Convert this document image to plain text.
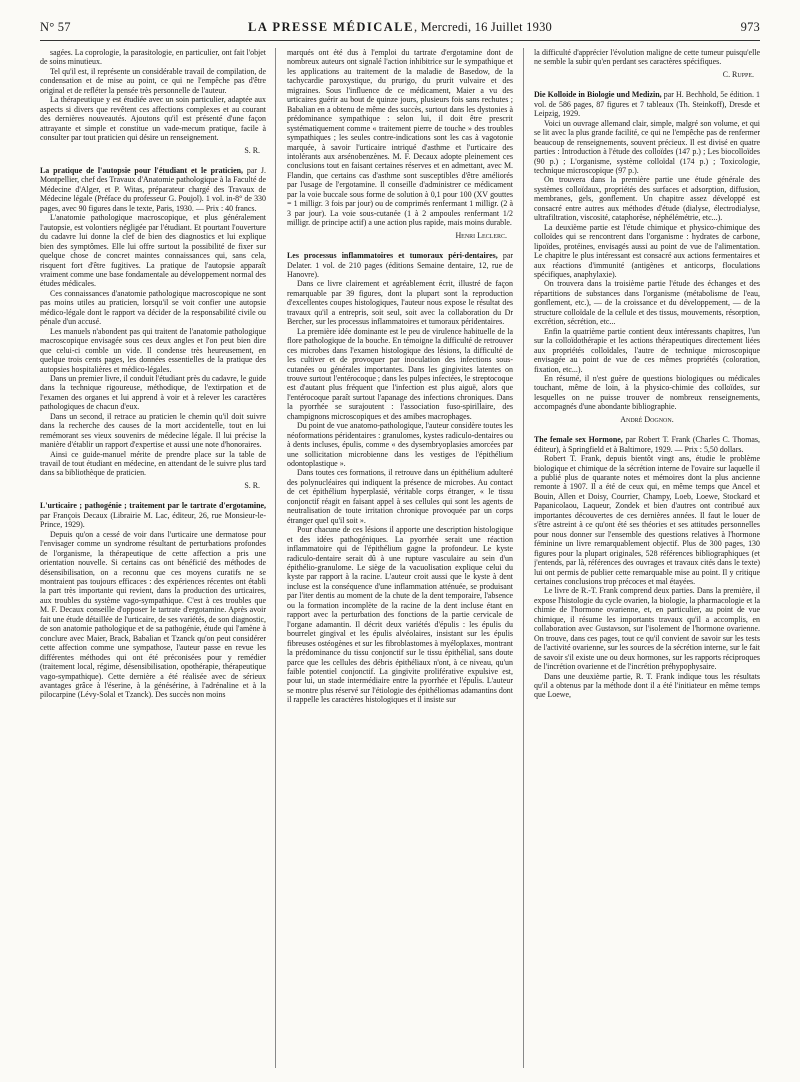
N° 57	LA PRESSE MÉDICALE, Mercredi, 16 Juillet 1930	973

sagées. La coprologie, la parasitologie, en particulier, ont fait l'objet de soins minutieux.

Tel qu'il est, il représente un considérable travail de compilation, de condensation et de mise au point, ce qui ne l'empêche pas d'être original et de refléter la pensée très personnelle de l'auteur.

La thérapeutique y est étudiée avec un soin particulier, adaptée aux aspects si divers que revêtent ces affections complexes et au courant des dernières nouveautés. Ajoutons qu'il est présenté d'une façon attrayante et simple et constitue un vade-mecum pratique, facile à consulter par tout praticien qui désire un renseignement.

S. R.

La pratique de l'autopsie pour l'étudiant et le praticien, par J. Montpellier, chef des Travaux d'Anatomie pathologique à la Faculté de Médecine d'Alger, et P. Witas, préparateur chargé des Travaux de Médecine légale (Préface du professeur G. Poujol). 1 vol. in-8° de 330 pages, avec 90 figures dans le texte, Paris, 1930. — Prix : 40 francs.

L'anatomie pathologique macroscopique, et plus généralement l'autopsie, est volontiers négligée par l'étudiant. Et pourtant l'ouverture du cadavre lui donne la clef de bien des diagnostics et lui explique bien des symptômes. Elle lui offre surtout la possibilité de fixer sur quelque chose de concret maintes connaissances qui, sans cela, risquent fort d'être fugitives. La pratique de l'autopsie apparaît vraiment comme une base fondamentale au développement normal des études médicales.

Ces connaissances d'anatomie pathologique macroscopique ne sont pas moins utiles au praticien, lorsqu'il se voit confier une autopsie médico-légale dont le rapport va décider de la responsabilité civile ou pénale d'un accusé.

Les manuels n'abondent pas qui traitent de l'anatomie pathologique macroscopique envisagée sous ces deux angles et l'on peut bien dire que celui-ci comble un vide. Il condense très heureusement, en quelque trois cents pages, les données essentielles de la pratique des autopsies hospitalières et médico-légales.

Dans un premier livre, il conduit l'étudiant près du cadavre, le guide dans la technique rigoureuse, méthodique, de l'extirpation et de l'examen des organes et lui apprend à voir et à relever les caractères pathologiques de chacun d'eux.

Dans un second, il retrace au praticien le chemin qu'il doit suivre dans la recherche des causes de la mort accidentelle, tout en lui remémorant ses vieux souvenirs de médecine légale. Il lui précise la manière d'établir un rapport d'expertise et aussi une note d'honoraires.

Ainsi ce guide-manuel mérite de prendre place sur la table de travail de tout étudiant en médecine, en attendant de le suivre plus tard dans sa bibliothèque de praticien.

S. R.

L'urticaire ; pathogénie ; traitement par le tartrate d'ergotamine, par François Decaux (Librairie M. Lac, éditeur, 26, rue Monsieur-le-Prince, 1929).

Depuis qu'on a cessé de voir dans l'urticaire une dermatose pour l'envisager comme un syndrome résultant de perturbations profondes de l'organisme, la thérapeutique de cette affection a pris une orientation nouvelle. Si certains cas ont bénéficié des méthodes de désensibilisation, on a reconnu que ces moyens curatifs ne se montraient pas toujours efficaces : des expériences récentes ont établi la part très importante qui revient, dans la production des urticaires, aux troubles du système vago-sympathique. C'est à ces troubles que M. F. Decaux conseille d'opposer le tartrate d'ergotamine. Après avoir fait une étude détaillée de l'urticaire, de ses variétés, de son diagnostic, de son anatomie pathologique et de sa pathogénie, étude qui l'amène à conclure avec Maier, Brack, Babalian et Tzanck qu'on peut considérer cette affection comme une sympathose, l'auteur passe en revue les différentes méthodes qui ont été préconisées pour y remédier (traitement local, régime, désensibilisation, opothérapie, thérapeutique vago-sympathique). Cette dernière a été réalisée avec de sérieux avantages grâce à l'éserine, à la génésérine, à l'adrénaline et à la pilocarpine (Lévy-Solal et Tzanck). Des succès non moins

marqués ont été dus à l'emploi du tartrate d'ergotamine dont de nombreux auteurs ont signalé l'action inhibitrice sur le sympathique et les applications au traitement de la maladie de Basedow, de la tachycardie paroxystique, du prurigo, du prurit vulvaire et des migraines. Sous l'influence de ce médicament, Maier a vu des urticaires guérir au bout de quinze jours, plusieurs fois sans rechutes ; Babalian en a obtenu de même des succès, surtout dans les dystonies à prédominance sympathique : selon lui, il doit être prescrit systématiquement comme « traitement pierre de touche » des troubles sympathiques ; les seules contre-indications sont les cas à vagotonie marquée, à savoir l'urticaire intriqué d'asthme et l'urticaire des intolérants aux arsénobenzènes. M. F. Decaux adopte pleinement ces conclusions tout en faisant certaines réserves et en admettant, avec M. Flandin, que certains cas d'asthme sont susceptibles d'être améliorés par l'usage de l'ergotamine. Il conseille d'administrer ce médicament par la voie buccale sous forme de solution à 0,1 pour 100 (XV gouttes = 1 milligr. 3 fois par jour) ou de comprimés renfermant 1 milligr. (2 à 3 par jour). La voie sous-cutanée (1 à 2 ampoules renfermant 1/2 milligr. de principe actif) a une action plus rapide, mais moins durable.

Henri Leclerc.

Les processus inflammatoires et tumoraux péri-dentaires, par Delater. 1 vol. de 210 pages (éditions Semaine dentaire, 12, rue de Hanovre).

Dans ce livre clairement et agréablement écrit, illustré de façon remarquable par 39 figures, dont la plupart sont la reproduction d'excellentes coupes histologiques, l'auteur nous expose le résultat des travaux qu'il a entrepris, soit seul, soit avec la collaboration du Dr Bercher, sur les processus inflammatoires et tumoraux péridentaires.

La première idée dominante est le peu de virulence habituelle de la flore pathologique de la bouche. En témoigne la difficulté de retrouver ces microbes dans l'examen histologique des lésions, la difficulté de les cultiver et de provoquer par inoculation des infections sous-cutanées ou générales importantes. Dans les gingivites latentes on trouve surtout l'entérocoque ; dans les pulpes infectées, le streptocoque est d'autant plus fréquent que l'infection est plus aiguë, alors que l'entérocoque paraît surtout l'apanage des infections chroniques. Dans la pyorrhée se surajoutent : l'association fuso-spirillaire, des champignons microscopiques et des amibes macrophages.

Du point de vue anatomo-pathologique, l'auteur considère toutes les néoformations péridentaires : granulomes, kystes radiculo-dentaires ou à dents incluses, épulis, comme « des dysembryoplasies amorcées par une sollicitation microbienne dans les vestiges de l'épithélium odontoplastique ».

Dans toutes ces formations, il retrouve dans un épithélium adulteré des polynucléaires qui indiquent la présence de microbes. Au contact de cet épithélium hyperplasié, véritable corps étranger, « le tissu conjonctif réagit en faisant appel à ses cellules qui sont les agents de neutralisation de toute irritation chronique provoquée par un corps étranger quel qu'il soit ».

Pour chacune de ces lésions il apporte une description histologique et des idées pathogéniques. La pyorrhée serait une réaction inflammatoire qui de l'épithélium gagne la profondeur. Le kyste radiculo-dentaire serait dû à une rupture vasculaire au sein d'un épithélio-granulome. Le siège de la vacuolisation explique celui du kyste par rapport à la racine. L'auteur croit aussi que le kyste à dent incluse est la conséquence d'une inflammation atténuée, se produisant par l'iter dentis au moment de la chute de la dent temporaire, l'absence ou la formation incomplète de la racine de la dent incluse étant en rapport avec la perturbation des fonctions de la partie cervicale de l'organe adamantin. Il décrit deux variétés d'épulis : les épulis du bourrelet gingival et les épulis alvéolaires, insistant sur les épulis fibreuses ostéogènes et sur les fibroblastomes à myéloplaxes, montrant la prédominance du tissu conjonctif sur le tissu épithélial, sans doute parce que les cellules des débris épithéliaux n'ont, à ce niveau, qu'un faible potentiel conjonctif. La gingivite proliférative expulsive est, pour lui, un stade intermédiaire entre la pyorrhée et l'épulis. L'auteur se montre plus réservé sur l'étiologie des épithéliomas adamantins dont il rappelle les caractères histologiques et il insiste sur

la difficulté d'apprécier l'évolution maligne de cette tumeur puisqu'elle ne semble la subir qu'en perdant ses caractères spécifiques.

C. Ruppe.

Die Kolloide in Biologie und Medizin, par H. Bechhold, 5e édition. 1 vol. de 586 pages, 87 figures et 7 tableaux (Th. Steinkoff), Dresde et Leipzig, 1929.

Voici un ouvrage allemand clair, simple, malgré son volume, et qui se lit avec la plus grande facilité, ce qui ne l'empêche pas de renfermer beaucoup de renseignements, souvent précieux. Il est divisé en quatre parties : Introduction à l'étude des colloïdes (147 p.) ; Les biocolloïdes (90 p.) ; L'organisme, système colloïdal (174 p.) ; Toxicologie, technique microscopique (97 p.).

On trouvera dans la première partie une étude générale des systèmes colloïdaux, propriétés des surfaces et adsorption, diffusion, membranes, gels, gonflement. Un chapitre assez développé est consacré entre autres aux méthodes d'étude (dialyse, électrodialyse, ultrafiltration, viscosité, cataphorèse, néphélémétrie, etc...).

La deuxième partie est l'étude chimique et physico-chimique des colloïdes qui se rencontrent dans l'organisme : hydrates de carbone, lipoïdes, protéines, envisagés aussi au point de vue de l'alimentation. Le chapitre le plus intéressant est consacré aux actions fermentaires et aux réactions d'immunité (antigènes et anticorps, floculations spécifiques, anaphylaxie).

On trouvera dans la troisième partie l'étude des échanges et des répartitions de substances dans l'organisme (métabolisme de l'eau, gonflement, etc.), — de la croissance et du développement, — de la structure colloïdale de la cellule et des tissus, mouvements, résorption, excrétion, sécrétion, etc...

Enfin la quatrième partie contient deux intéressants chapitres, l'un sur la colloïdothérapie et les actions thérapeutiques directement liées aux propriétés colloïdales, l'autre de technique microscopique envisagée au point de vue de ces mêmes propriétés (coloration, fixation, etc...).

En résumé, il n'est guère de questions biologiques ou médicales touchant, même de loin, à la physico-chimie des colloïdes, sur lesquelles on ne puisse trouver de nombreux renseignements, accompagnés d'une abondante bibliographie.

André Dognon.

The female sex Hormone, par Robert T. Frank (Charles C. Thomas, éditeur), à Springfield et à Baltimore, 1929. — Prix : 5,50 dollars.

Robert T. Frank, depuis bientôt vingt ans, étudie le problème biologique et chimique de la sécrétion interne de l'ovaire sur laquelle il a publié plus de quarante notes et mémoires dont la plus ancienne remonte à 1907. Il a été de ceux qui, en même temps que Ancel et Bouin, Allen et Doisy, Courrier, Champy, Loeb, Loewe, Stockard et Papanicolaou, Laqueur, Zondek et bien d'autres ont contribué aux importantes découvertes de ces dernières années. Il faut le louer de s'être astreint à ce qu'ont été ses théories et ses attitudes personnelles pour nous donner sur l'ensemble des questions relatives à l'hormone féminine un livre remarquablement objectif. Plus de 300 pages, 130 figures pour la plupart originales, 528 références bibliographiques (et j'entends, par là, références des ouvrages et travaux cités dans le texte) lui ont permis de publier cette remarquable mise au point. Il y critique certaines conclusions trop précoces et mal étayées.

Le livre de R.-T. Frank comprend deux parties. Dans la première, il expose l'histologie du cycle ovarien, la biologie, la pharmacologie et la chimie de l'hormone ovarienne, et, en particulier, au point de vue chimique, il résume les importants travaux qu'il a accomplis, en collaboration avec Gustavson, sur l'isolement de l'hormone ovarienne. On trouve, dans ces pages, tout ce qu'il convient de savoir sur les tests de l'activité ovarienne, sur les sources de la sécrétion interne, sur le fait de savoir s'il existe une ou deux hormones, sur les rapports réciproques de l'incrétion ovarienne et de l'incrétion préhypophysaire.

Dans une deuxième partie, R. T. Frank indique tous les résultats qu'il a obtenus par la méthode dont il a été l'initiateur en même temps que Loewe,
